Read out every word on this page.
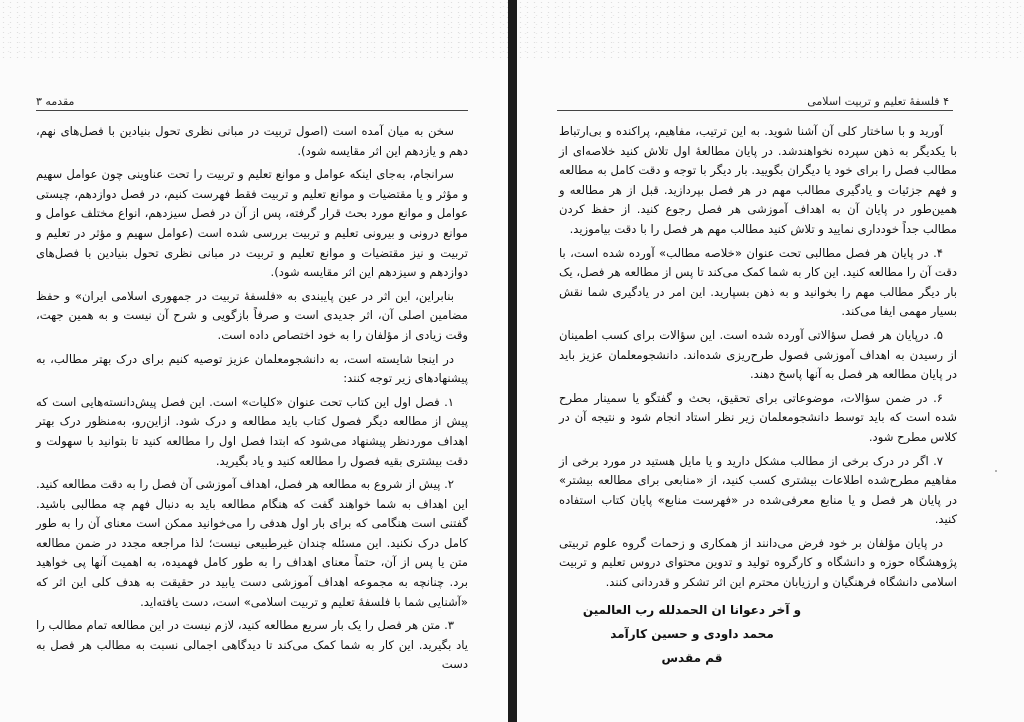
مقدمه ۳

سخن به میان آمده است (اصول تربیت در مبانی نظری تحول بنیادین با فصل‌های نهم، دهم و یازدهم این اثر مقایسه شود).

سرانجام، به‌جای اینکه عوامل و موانع تعلیم و تربیت را تحت عناوینی چون عوامل سهیم و مؤثر و یا مقتضیات و موانع تعلیم و تربیت فقط فهرست کنیم، در فصل دوازدهم، چیستی عوامل و موانع مورد بحث قرار گرفته، پس از آن در فصل سیزدهم، انواع مختلف عوامل و موانع درونی و بیرونی تعلیم و تربیت بررسی شده است (عوامل سهیم و مؤثر در تعلیم و تربیت و نیز مقتضیات و موانع تعلیم و تربیت در مبانی نظری تحول بنیادین با فصل‌های دوازدهم و سیزدهم این اثر مقایسه شود).

بنابراین، این اثر در عین پایبندی به «فلسفهٔ تربیت در جمهوری اسلامی ایران» و حفظ مضامین اصلی آن، اثر جدیدی است و صرفاً بازگویی و شرح آن نیست و به همین جهت، وقت زیادی از مؤلفان را به خود اختصاص داده است.

در اینجا شایسته است، به دانشجومعلمان عزیز توصیه کنیم برای درک بهتر مطالب، به پیشنهادهای زیر توجه کنند:

۱. فصل اول این کتاب تحت عنوان «کلیات» است. این فصل پیش‌دانسته‌هایی است که پیش از مطالعه دیگر فصول کتاب باید مطالعه و درک شود. ازاین‌رو، به‌منظور درک بهتر اهداف موردنظر پیشنهاد می‌شود که ابتدا فصل اول را مطالعه کنید تا بتوانید با سهولت و دقت بیشتری بقیه فصول را مطالعه کنید و یاد بگیرید.

۲. پیش از شروع به مطالعه هر فصل، اهداف آموزشی آن فصل را به دقت مطالعه کنید. این اهداف به شما خواهند گفت که هنگام مطالعه باید به دنبال فهم چه مطالبی باشید. گفتنی است هنگامی که برای بار اول هدفی را می‌خوانید ممکن است معنای آن را به طور کامل درک نکنید. این مسئله چندان غیرطبیعی نیست؛ لذا مراجعه مجدد در ضمن مطالعه متن یا پس از آن، حتماً معنای اهداف را به طور کامل فهمیده، به اهمیت آنها پی خواهید برد. چنانچه به مجموعه اهداف آموزشی دست یابید در حقیقت به هدف کلی این اثر که «آشنایی شما با فلسفهٔ تعلیم و تربیت اسلامی» است، دست یافته‌اید.

۳. متن هر فصل را یک بار سریع مطالعه کنید، لازم نیست در این مطالعه تمام مطالب را یاد بگیرید. این کار به شما کمک می‌کند تا دیدگاهی اجمالی نسبت به مطالب هر فصل به دست

۴ فلسفهٔ تعلیم و تربیت اسلامی

آورید و با ساختار کلی آن آشنا شوید. به این ترتیب، مفاهیم، پراکنده و بی‌ارتباط با یکدیگر به ذهن سپرده نخواهندشد. در پایان مطالعهٔ اول تلاش کنید خلاصه‌ای از مطالب فصل را برای خود یا دیگران بگویید. بار دیگر با توجه و دقت کامل به مطالعه و فهم جزئیات و یادگیری مطالب مهم در هر فصل بپردازید. قبل از هر مطالعه و همین‌طور در پایان آن به اهداف آموزشی هر فصل رجوع کنید. از حفظ کردن مطالب جداً خودداری نمایید و تلاش کنید مطالب مهم هر فصل را با دقت بیاموزید.

۴. در پایان هر فصل مطالبی تحت عنوان «خلاصه مطالب» آورده شده است، با دقت آن را مطالعه کنید. این کار به شما کمک می‌کند تا پس از مطالعه هر فصل، یک بار دیگر مطالب مهم را بخوانید و به ذهن بسپارید. این امر در یادگیری شما نقش بسیار مهمی ایفا می‌کند.

۵. درپایان هر فصل سؤالاتی آورده شده است. این سؤالات برای کسب اطمینان از رسیدن به اهداف آموزشی فصول طرح‌ریزی شده‌اند. دانشجومعلمان عزیز باید در پایان مطالعه هر فصل به آنها پاسخ دهند.

۶. در ضمن سؤالات، موضوعاتی برای تحقیق، بحث و گفتگو یا سمینار مطرح شده است که باید توسط دانشجومعلمان زیر نظر استاد انجام شود و نتیجه آن در کلاس مطرح شود.

۷. اگر در درک برخی از مطالب مشکل دارید و یا مایل هستید در مورد برخی از مفاهیم مطرح‌شده اطلاعات بیشتری کسب کنید، از «منابعی برای مطالعه بیشتر» در پایان هر فصل و یا منابع معرفی‌شده در «فهرست منابع» پایان کتاب استفاده کنید.

در پایان مؤلفان بر خود فرض می‌دانند از همکاری و زحمات گروه علوم تربیتی پژوهشگاه حوزه و دانشگاه و کارگروه تولید و تدوین محتوای دروس تعلیم و تربیت اسلامی دانشگاه فرهنگیان و ارزیابان محترم این اثر تشکر و قدردانی کنند.

و آخر دعوانا ان الحمدلله رب العالمین
محمد داودی و حسین کارآمد
قم مقدس
